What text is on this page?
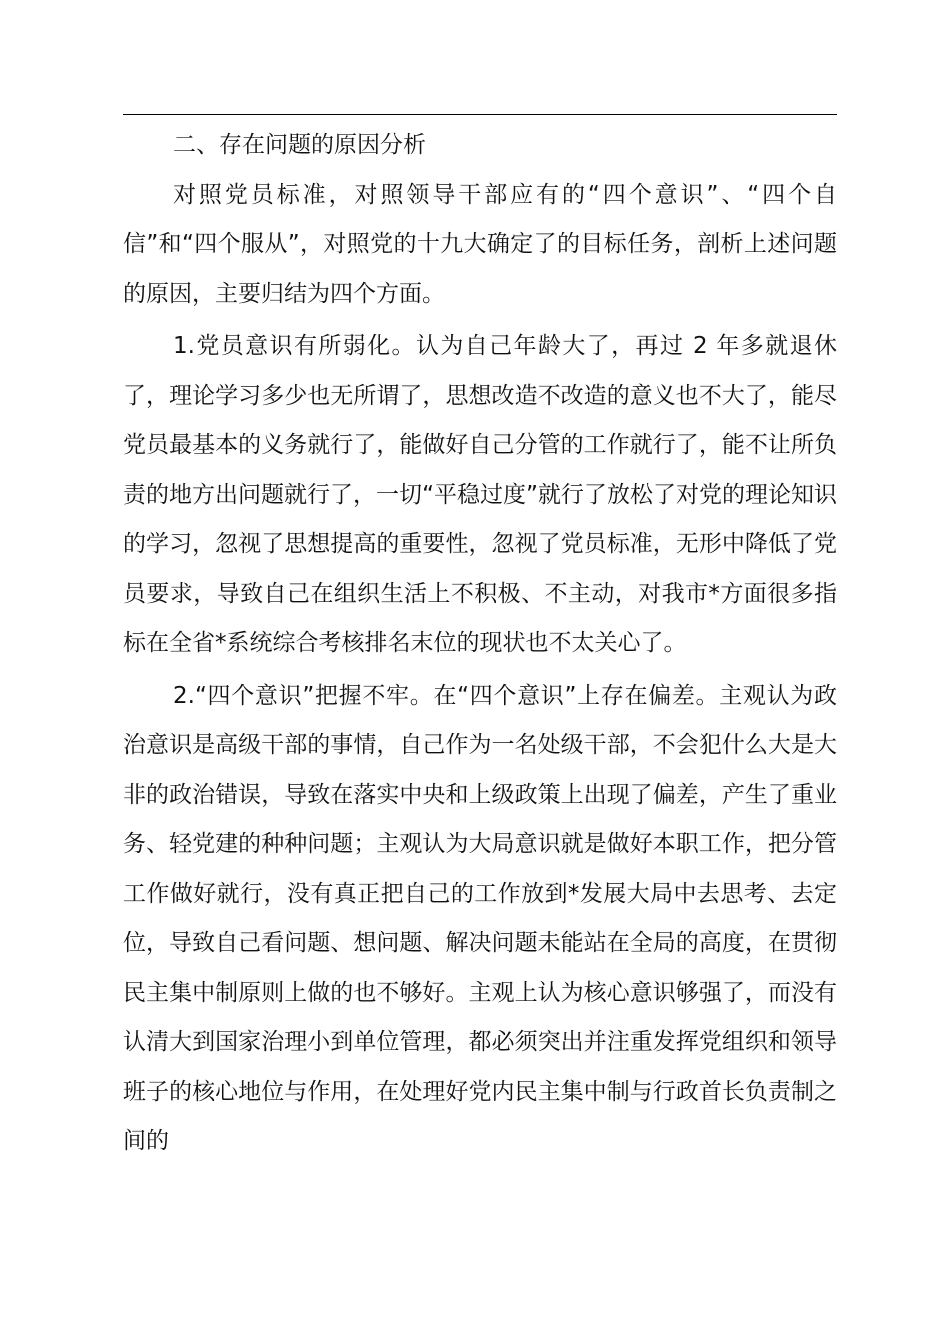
二、存在问题的原因分析

对照党员标准，对照领导干部应有的“四个意识”、“四个自信”和“四个服从”，对照党的十九大确定了的目标任务，剖析上述问题的原因，主要归结为四个方面。

1.党员意识有所弱化。认为自己年龄大了，再过 2 年多就退休了，理论学习多少也无所谓了，思想改造不改造的意义也不大了，能尽党员最基本的义务就行了，能做好自己分管的工作就行了，能不让所负责的地方出问题就行了，一切“平稳过度”就行了放松了对党的理论知识的学习，忽视了思想提高的重要性，忽视了党员标准，无形中降低了党员要求，导致自己在组织生活上不积极、不主动，对我市*方面很多指标在全省*系统综合考核排名末位的现状也不太关心了。

2.“四个意识”把握不牢。在“四个意识”上存在偏差。主观认为政治意识是高级干部的事情，自己作为一名处级干部，不会犯什么大是大非的政治错误，导致在落实中央和上级政策上出现了偏差，产生了重业务、轻党建的种种问题；主观认为大局意识就是做好本职工作，把分管工作做好就行，没有真正把自己的工作放到*发展大局中去思考、去定位，导致自己看问题、想问题、解决问题未能站在全局的高度，在贯彻民主集中制原则上做的也不够好。主观上认为核心意识够强了，而没有认清大到国家治理小到单位管理，都必须突出并注重发挥党组织和领导班子的核心地位与作用，在处理好党内民主集中制与行政首长负责制之间的
